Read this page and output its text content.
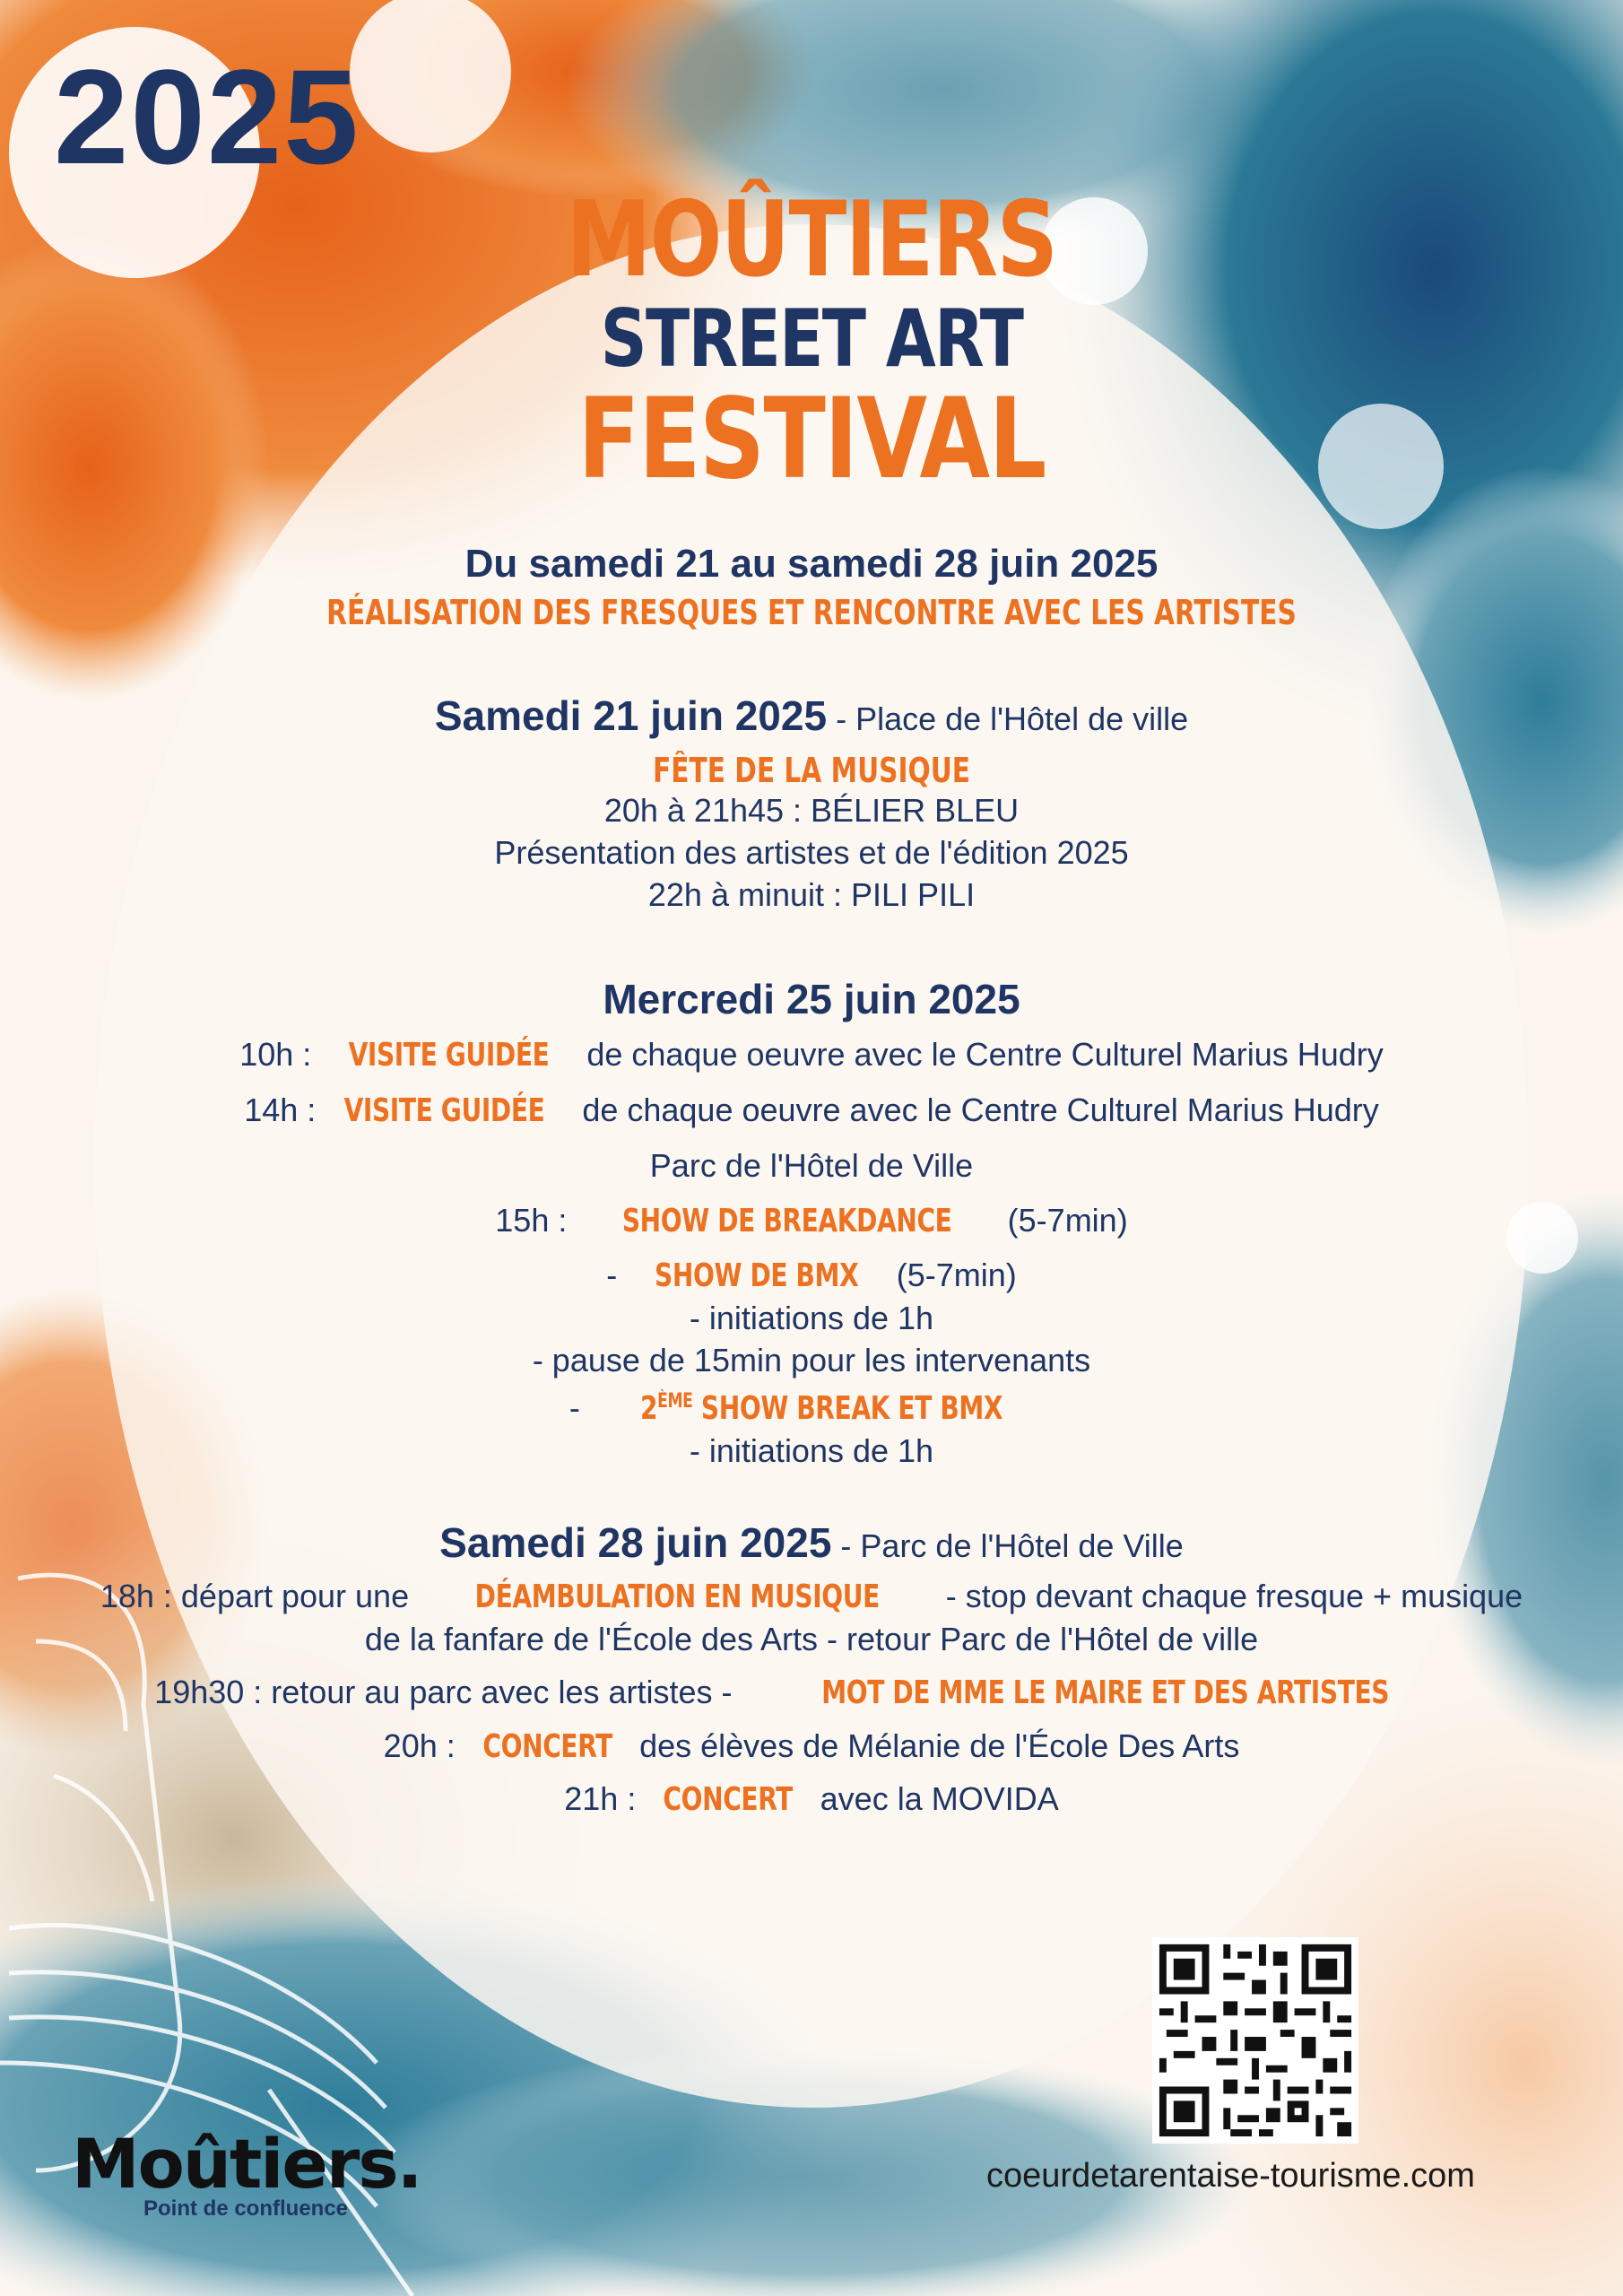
2025
MOÛTIERS
STREET ART
FESTIVAL
Du samedi 21 au samedi 28 juin 2025
RÉALISATION DES FRESQUES ET RENCONTRE AVEC LES ARTISTES
Samedi 21 juin 2025 - Place de l'Hôtel de ville
FÊTE DE LA MUSIQUE
20h à 21h45 : BÉLIER BLEU
Présentation des artistes et de l'édition 2025
22h à minuit : PILI PILI
Mercredi 25 juin 2025
10h : VISITE GUIDÉE de chaque oeuvre avec le Centre Culturel Marius Hudry
14h : VISITE GUIDÉE de chaque oeuvre avec le Centre Culturel Marius Hudry
Parc de l'Hôtel de Ville
15h : SHOW DE BREAKDANCE (5-7min)
- SHOW DE BMX (5-7min)
- initiations de 1h
- pause de 15min pour les intervenants
- 2ÈME SHOW BREAK ET BMX
- initiations de 1h
Samedi 28 juin 2025 - Parc de l'Hôtel de Ville
18h : départ pour une DÉAMBULATION EN MUSIQUE - stop devant chaque fresque + musique
de la fanfare de l'École des Arts - retour Parc de l'Hôtel de ville
19h30 : retour au parc avec les artistes - MOT DE MME LE MAIRE ET DES ARTISTES
20h : CONCERT des élèves de Mélanie de l'École Des Arts
21h : CONCERT avec la MOVIDA
coeurdetarentaise-tourisme.com
Moûtiers.
Point de confluence
